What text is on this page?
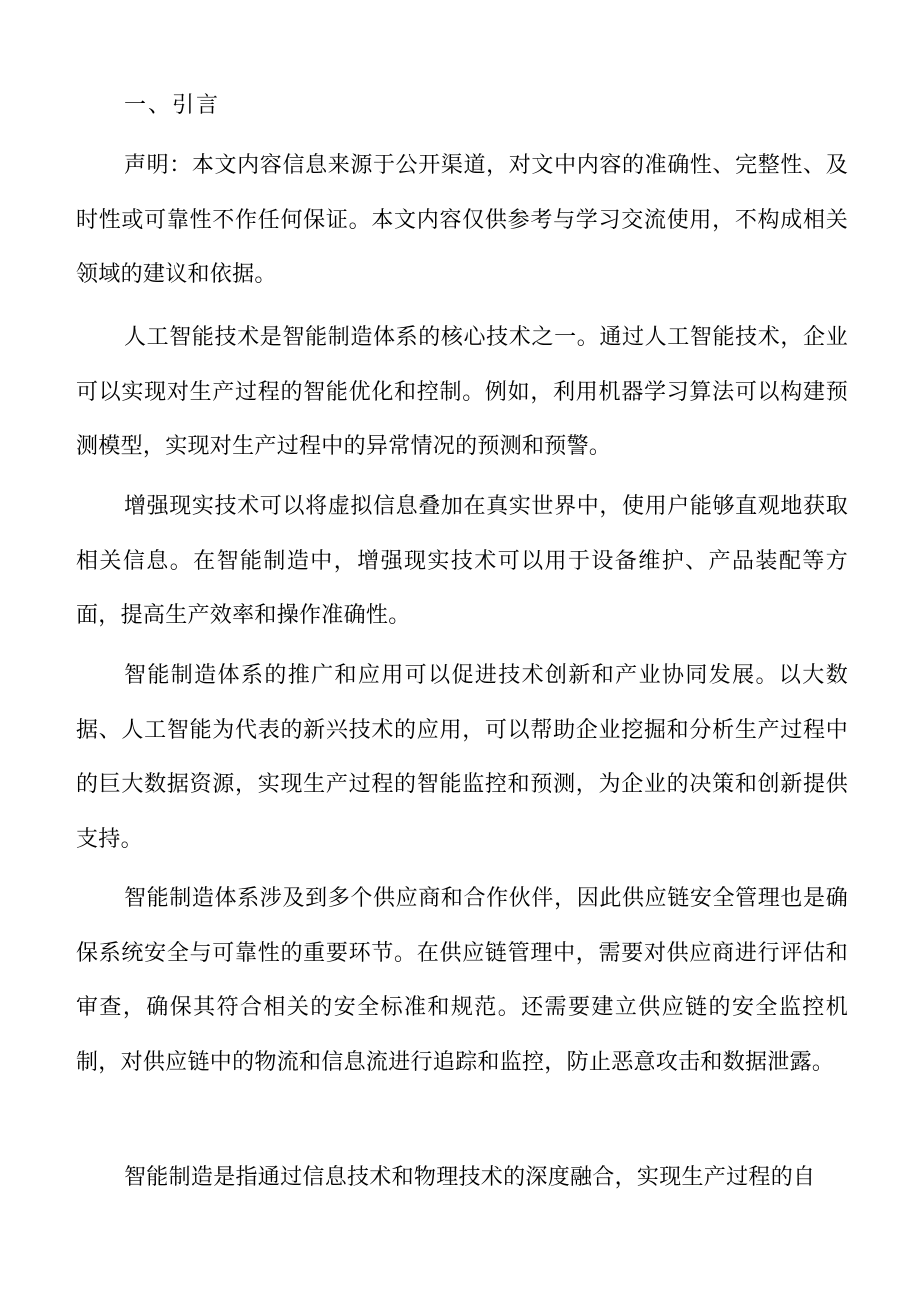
一、引言

声明：本文内容信息来源于公开渠道，对文中内容的准确性、完整性、及时性或可靠性不作任何保证。本文内容仅供参考与学习交流使用，不构成相关领域的建议和依据。

人工智能技术是智能制造体系的核心技术之一。通过人工智能技术，企业可以实现对生产过程的智能优化和控制。例如，利用机器学习算法可以构建预测模型，实现对生产过程中的异常情况的预测和预警。

增强现实技术可以将虚拟信息叠加在真实世界中，使用户能够直观地获取相关信息。在智能制造中，增强现实技术可以用于设备维护、产品装配等方面，提高生产效率和操作准确性。

智能制造体系的推广和应用可以促进技术创新和产业协同发展。以大数据、人工智能为代表的新兴技术的应用，可以帮助企业挖掘和分析生产过程中的巨大数据资源，实现生产过程的智能监控和预测，为企业的决策和创新提供支持。

智能制造体系涉及到多个供应商和合作伙伴，因此供应链安全管理也是确保系统安全与可靠性的重要环节。在供应链管理中，需要对供应商进行评估和审查，确保其符合相关的安全标准和规范。还需要建立供应链的安全监控机制，对供应链中的物流和信息流进行追踪和监控，防止恶意攻击和数据泄露。

智能制造是指通过信息技术和物理技术的深度融合，实现生产过程的自
